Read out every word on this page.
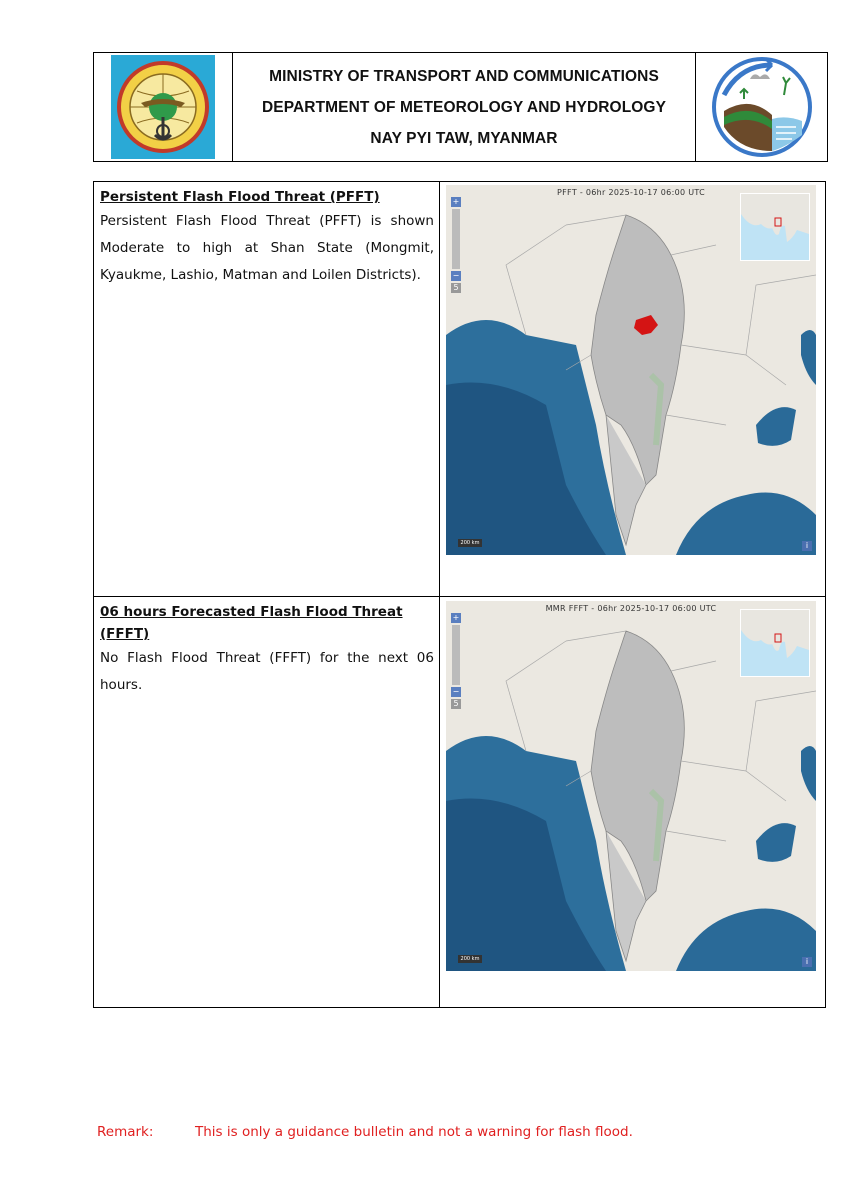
MINISTRY OF TRANSPORT AND COMMUNICATIONS
DEPARTMENT OF METEOROLOGY AND HYDROLOGY
NAY PYI TAW, MYANMAR
Persistent Flash Flood Threat (PFFT)
Persistent Flash Flood Threat (PFFT) is shown Moderate to high at Shan State (Mongmit, Kyaukme, Lashio, Matman and Loilen Districts).
PFFT - 06hr 2025-10-17 06:00 UTC
+
−
5
200 km	i
06 hours Forecasted Flash Flood Threat (FFFT)
No Flash Flood Threat (FFFT) for the next 06 hours.
MMR FFFT - 06hr 2025-10-17 06:00 UTC
+
−
5
200 km	i
Remark:	This is only a guidance bulletin and not a warning for flash flood.
